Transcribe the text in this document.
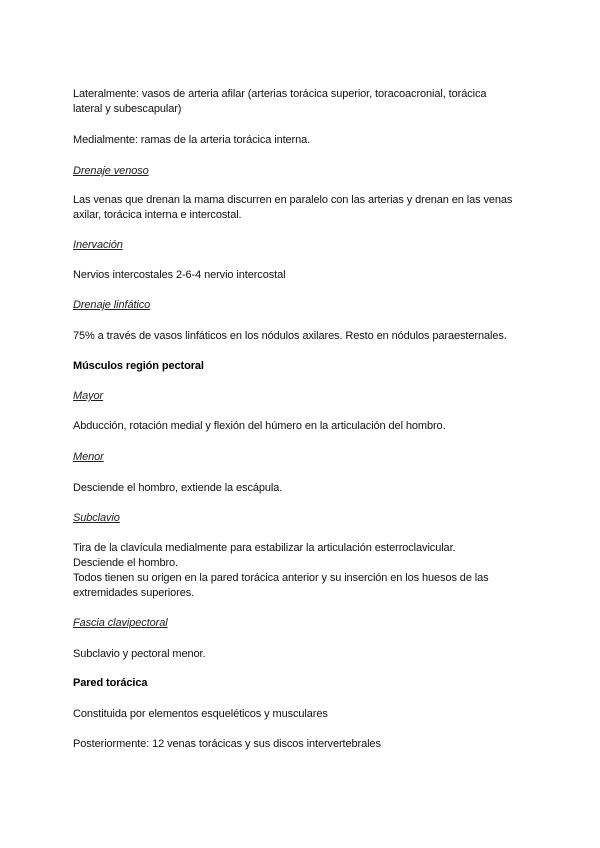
Lateralmente: vasos de arteria afilar (arterias torácica superior, toracoacronial, torácica
lateral y subescapular)
Medialmente: ramas de la arteria torácica interna.
Drenaje venoso
Las venas que drenan la mama discurren en paralelo con las arterias y drenan en las venas
axilar, torácica interna e intercostal.
Inervación
Nervios intercostales 2-6-4 nervio intercostal
Drenaje linfático
75% a través de vasos linfáticos en los nódulos axilares. Resto en nódulos paraesternales.
Músculos región pectoral
Mayor
Abducción, rotación medial y flexión del húmero en la articulación del hombro.
Menor
Desciende el hombro, extiende la escápula.
Subclavio
Tira de la clavícula medialmente para estabilizar la articulación esterroclavicular.
Desciende el hombro.
Todos tienen su origen en la pared torácica anterior y su inserción en los huesos de las
extremidades superiores.
Fascia clavipectoral
Subclavio y pectoral menor.
Pared torácica
Constituida por elementos esqueléticos y musculares
Posteriormente: 12 venas torácicas y sus discos intervertebrales
